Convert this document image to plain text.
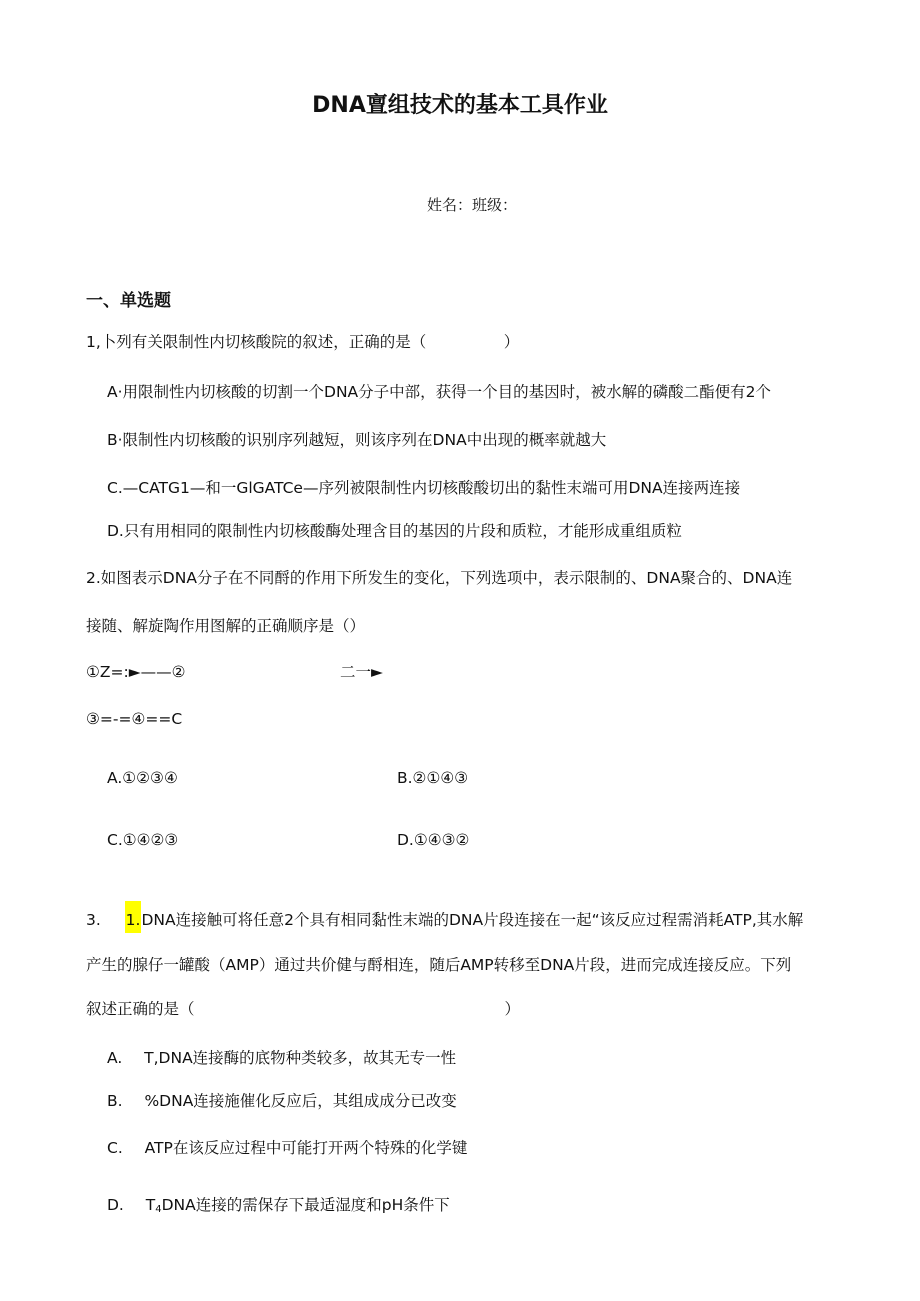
DNA亶组技术的基本工具作业
姓名：班级：
一、单选题
1,卜列有关限制性内切核酸院的叙述，正确的是（　　　　　）
A·用限制性内切核酸的切割一个DNA分子中部，获得一个目的基因时，被水解的磷酸二酯便有2个
B·限制性内切核酸的识别序列越短，则该序列在DNA中出现的概率就越大
C.—CATG1—和一GlGATCe—序列被限制性内切核酸酸切出的黏性末端可用DNA连接两连接
D.只有用相同的限制性内切核酸酶处理含目的基因的片段和质粒，才能形成重组质粒
2.如图表示DNA分子在不同酹的作用下所发生的变化，下列选项中，表示限制的、DNA聚合的、DNA连
接随、解旋陶作用图解的正确顺序是（）
①Z=:►——②	二一►
③=-=④==C
A.①②③④	B.②①④③
C.①④②③	D.①④③②
3. 1.DNA连接触可将任意2个具有相同黏性末端的DNA片段连接在一起“该反应过程需消耗ATP,其水解
产生的腺仔一罐酸（AMP）通过共价健与酹相连，随后AMP转移至DNA片段，进而完成连接反应。下列
叙述正确的是（　　　　　　　　　　　　　　　　　　　　）
A. T,DNA连接酶的底物种类较多，故其无专一性
B. %DNA连接施催化反应后，其组成成分已改变
C. ATP在该反应过程中可能打开两个特殊的化学键
D. $T_4DNA$连接的需保存下最适湿度和pH条件下
